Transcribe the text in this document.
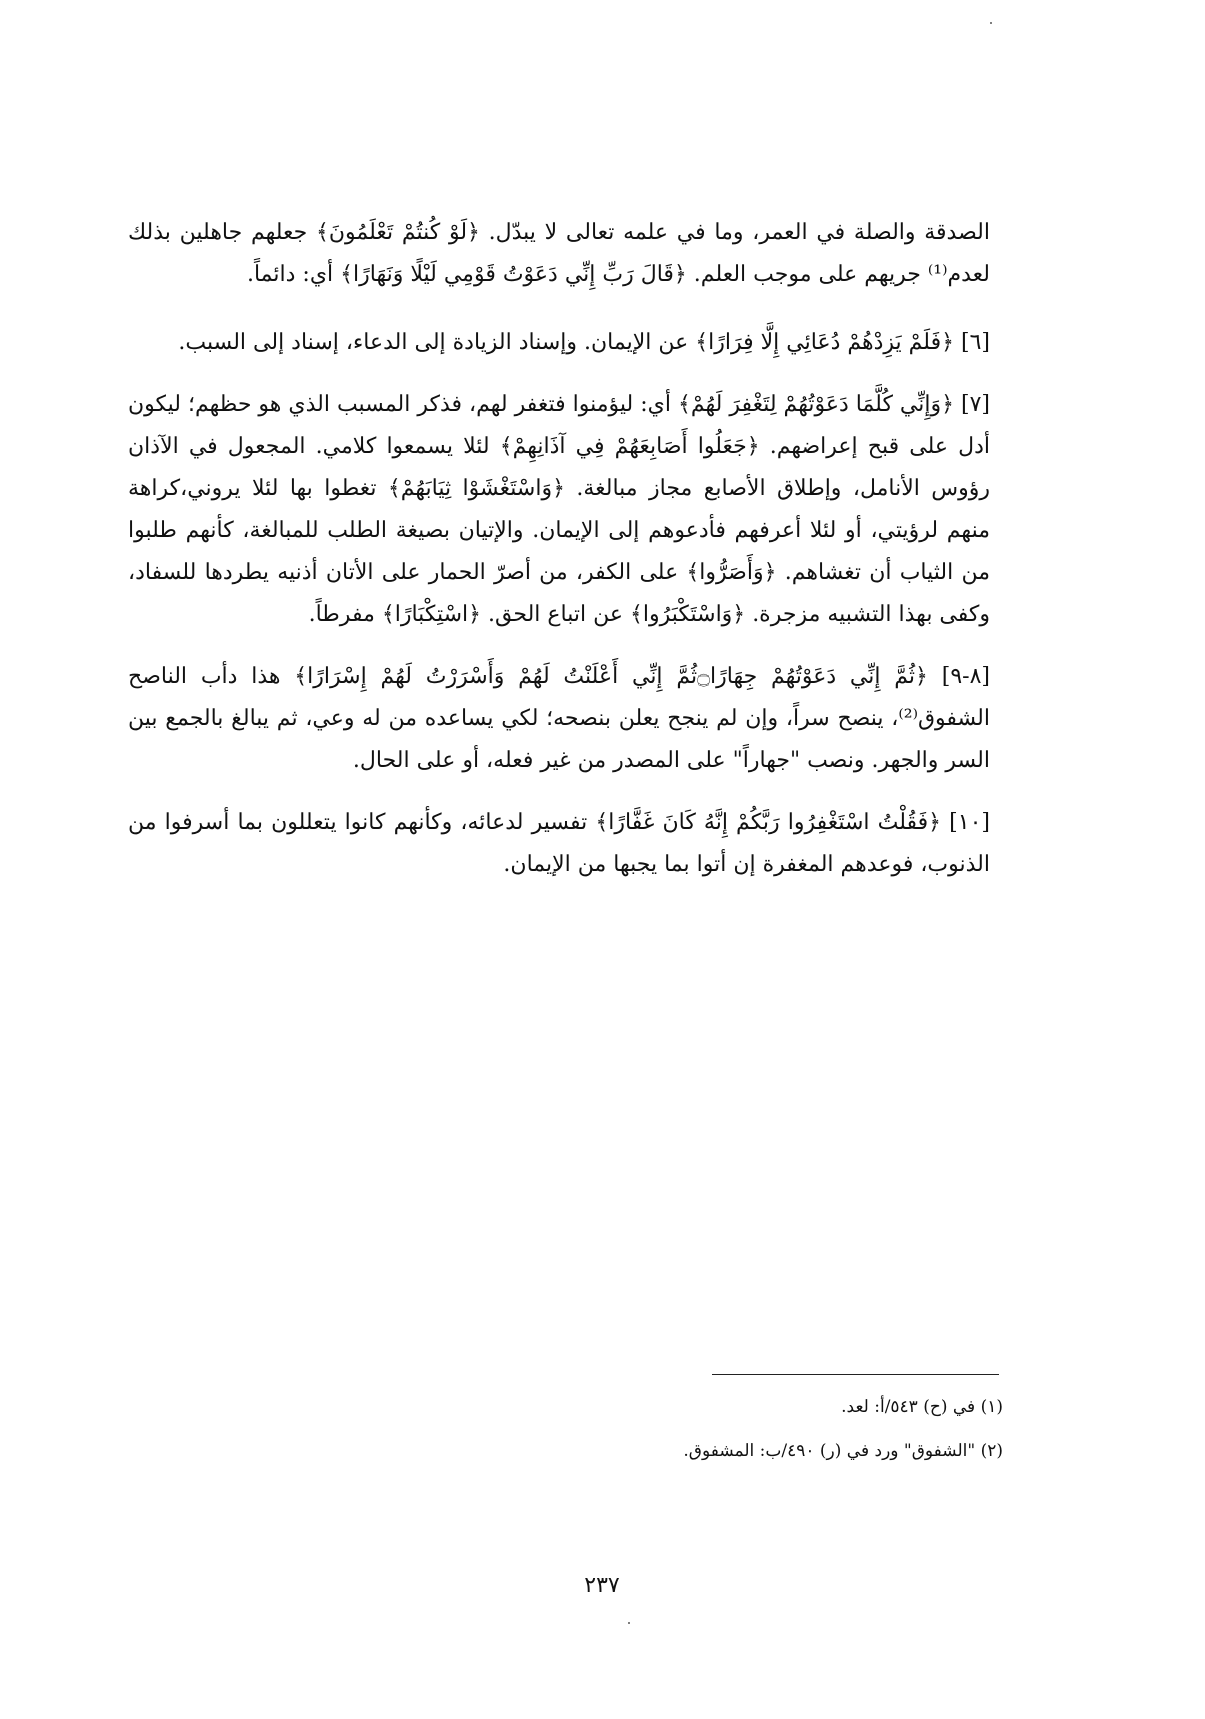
الصدقة والصلة في العمر، وما في علمه تعالى لا يبدّل. ﴿لَوْ كُنتُمْ تَعْلَمُونَ﴾ جعلهم جاهلين بذلك لعدم⁽¹⁾ جريهم على موجب العلم. ﴿قَالَ رَبِّ إِنِّي دَعَوْتُ قَوْمِي لَيْلًا وَنَهَارًا﴾ أي: دائماً.

[٦] ﴿فَلَمْ يَزِدْهُمْ دُعَائِي إِلَّا فِرَارًا﴾ عن الإيمان. وإسناد الزيادة إلى الدعاء، إسناد إلى السبب.

[٧] ﴿وَإِنِّي كُلَّمَا دَعَوْتُهُمْ لِتَغْفِرَ لَهُمْ﴾ أي: ليؤمنوا فتغفر لهم، فذكر المسبب الذي هو حظهم؛ ليكون أدل على قبح إعراضهم. ﴿جَعَلُوا أَصَابِعَهُمْ فِي آذَانِهِمْ﴾ لئلا يسمعوا كلامي. المجعول في الآذان رؤوس الأنامل، وإطلاق الأصابع مجاز مبالغة. ﴿وَاسْتَغْشَوْا ثِيَابَهُمْ﴾ تغطوا بها لئلا يروني،كراهة منهم لرؤيتي، أو لئلا أعرفهم فأدعوهم إلى الإيمان. والإتيان بصيغة الطلب للمبالغة، كأنهم طلبوا من الثياب أن تغشاهم. ﴿وَأَصَرُّوا﴾ على الكفر، من أصرّ الحمار على الأتان أذنيه يطردها للسفاد، وكفى بهذا التشبيه مزجرة. ﴿وَاسْتَكْبَرُوا﴾ عن اتباع الحق. ﴿اسْتِكْبَارًا﴾ مفرطاً.

[٨-٩] ﴿ثُمَّ إِنِّي دَعَوْتُهُمْ جِهَارًا۝ثُمَّ إِنِّي أَعْلَنْتُ لَهُمْ وَأَسْرَرْتُ لَهُمْ إِسْرَارًا﴾ هذا دأب الناصح الشفوق⁽²⁾، ينصح سراً، وإن لم ينجح يعلن بنصحه؛ لكي يساعده من له وعي، ثم يبالغ بالجمع بين السر والجهر. ونصب "جهاراً" على المصدر من غير فعله، أو على الحال.

[١٠] ﴿فَقُلْتُ اسْتَغْفِرُوا رَبَّكُمْ إِنَّهُ كَانَ غَفَّارًا﴾ تفسير لدعائه، وكأنهم كانوا يتعللون بما أسرفوا من الذنوب، فوعدهم المغفرة إن أتوا بما يجبها من الإيمان.

(١) في (ح) ٥٤٣/أ: لعد.

(٢) "الشفوق" ورد في (ر) ٤٩٠/ب: المشفوق.

٢٣٧
